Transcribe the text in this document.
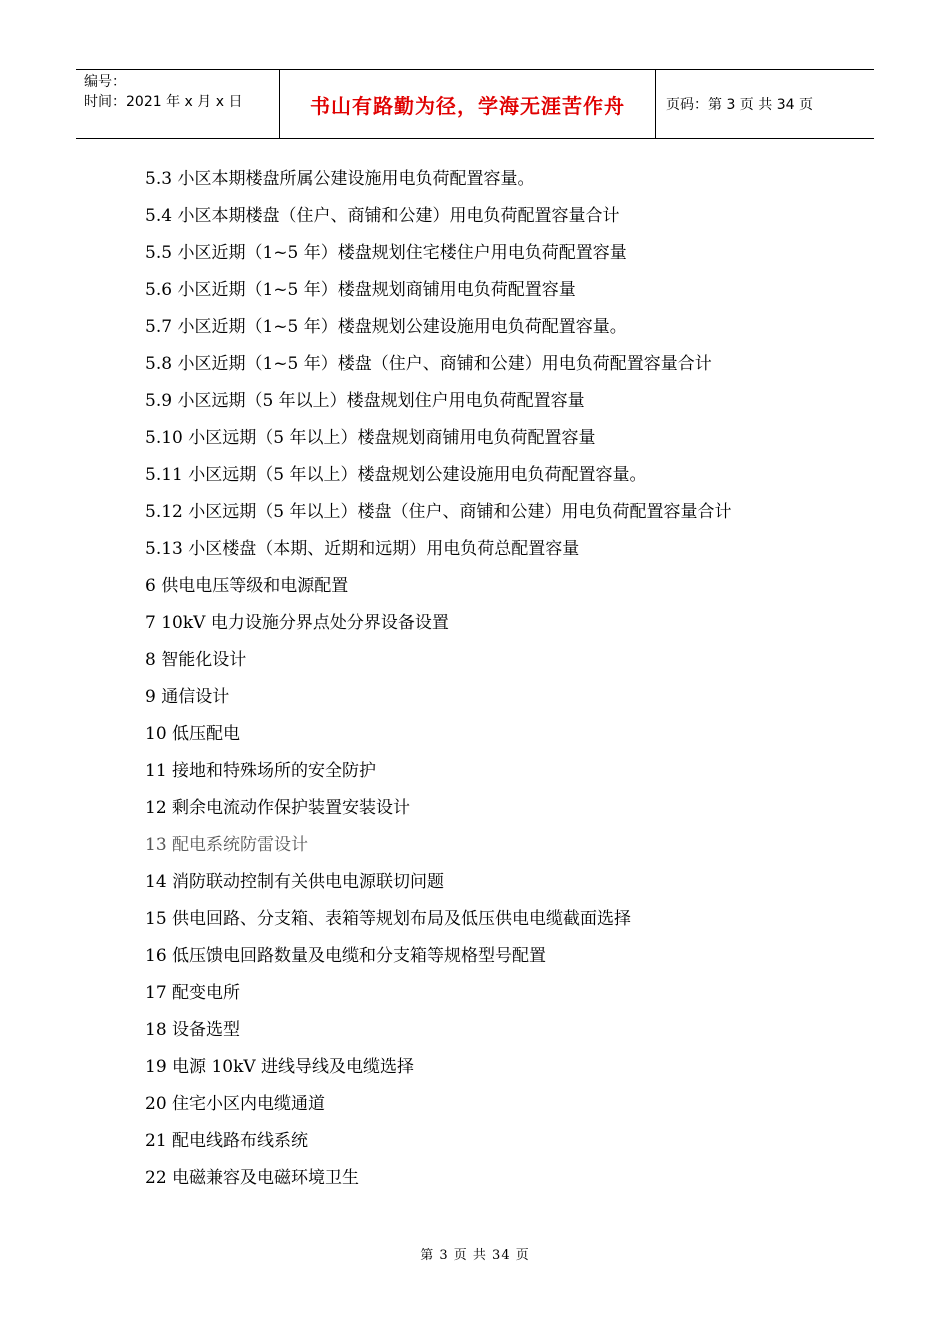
编号：
时间：2021 年 x 月 x 日	书山有路勤为径，学海无涯苦作舟	页码：第 3 页 共 34 页
5.3 小区本期楼盘所属公建设施用电负荷配置容量。
5.4 小区本期楼盘（住户、商铺和公建）用电负荷配置容量合计
5.5 小区近期（1~5 年）楼盘规划住宅楼住户用电负荷配置容量
5.6 小区近期（1~5 年）楼盘规划商铺用电负荷配置容量
5.7 小区近期（1~5 年）楼盘规划公建设施用电负荷配置容量。
5.8 小区近期（1~5 年）楼盘（住户、商铺和公建）用电负荷配置容量合计
5.9 小区远期（5 年以上）楼盘规划住户用电负荷配置容量
5.10 小区远期（5 年以上）楼盘规划商铺用电负荷配置容量
5.11 小区远期（5 年以上）楼盘规划公建设施用电负荷配置容量。
5.12 小区远期（5 年以上）楼盘（住户、商铺和公建）用电负荷配置容量合计
5.13 小区楼盘（本期、近期和远期）用电负荷总配置容量
6 供电电压等级和电源配置
7 10kV 电力设施分界点处分界设备设置
8 智能化设计
9 通信设计
10 低压配电
11 接地和特殊场所的安全防护
12 剩余电流动作保护装置安装设计
13 配电系统防雷设计
14 消防联动控制有关供电电源联切问题
15 供电回路、分支箱、表箱等规划布局及低压供电电缆截面选择
16 低压馈电回路数量及电缆和分支箱等规格型号配置
17 配变电所
18 设备选型
19 电源 10kV 进线导线及电缆选择
20 住宅小区内电缆通道
21 配电线路布线系统
22 电磁兼容及电磁环境卫生
第 3 页 共 34 页
